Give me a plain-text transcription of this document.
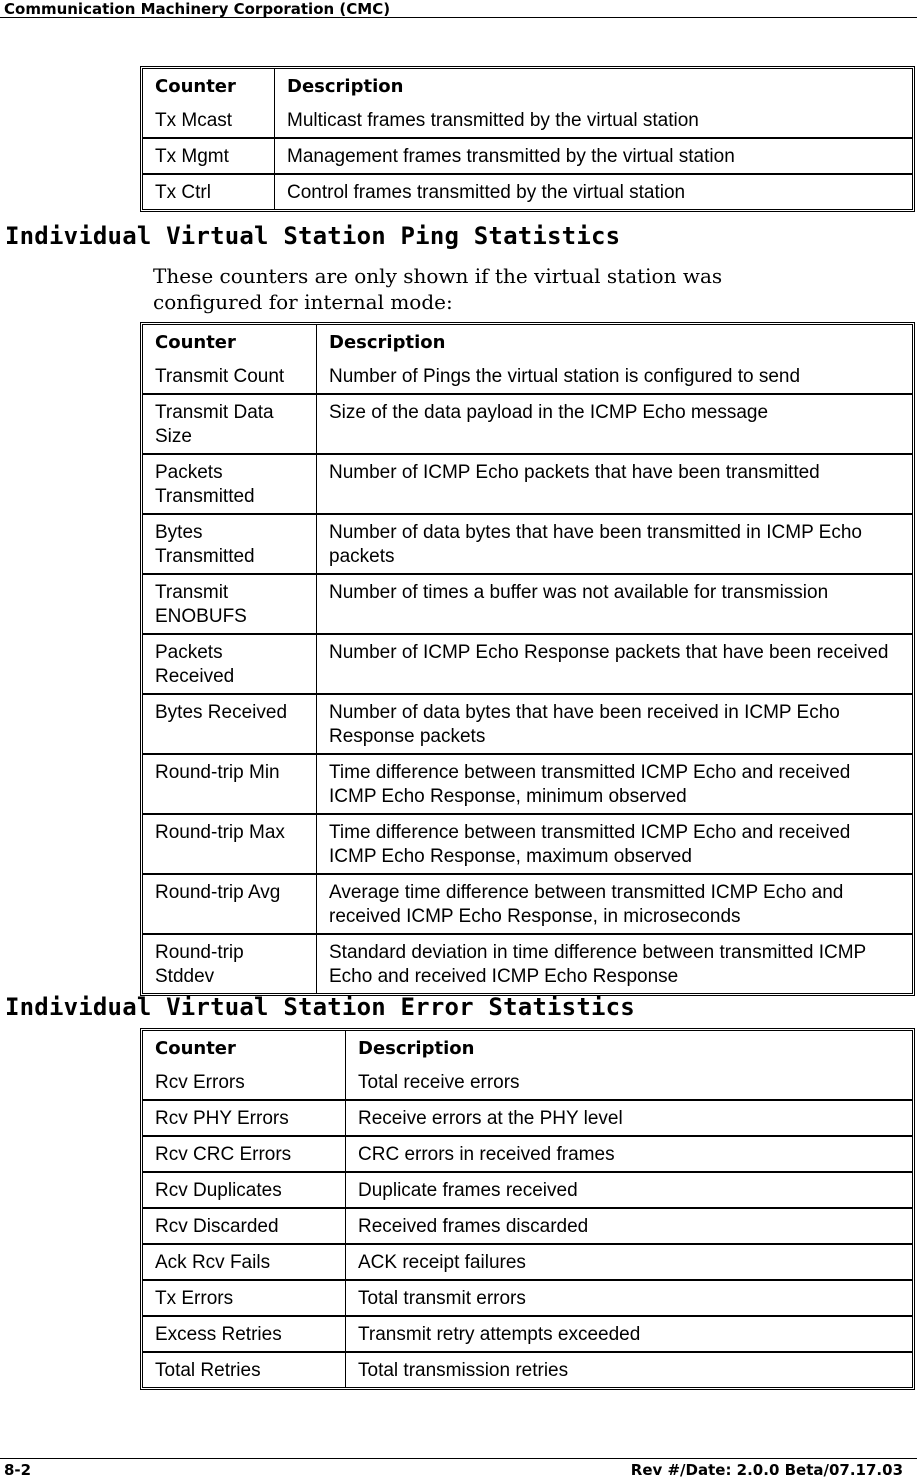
Communication Machinery Corporation (CMC)
Counter	Description
Tx Mcast	Multicast frames transmitted by the virtual station
Tx Mgmt	Management frames transmitted by the virtual station
Tx Ctrl	Control frames transmitted by the virtual station
Individual Virtual Station Ping Statistics

These counters are only shown if the virtual station was configured for internal mode:

Counter	Description
Transmit Count	Number of Pings the virtual station is configured to send
Transmit Data Size	Size of the data payload in the ICMP Echo message
Packets Transmitted	Number of ICMP Echo packets that have been transmitted
Bytes Transmitted	Number of data bytes that have been transmitted in ICMP Echo packets
Transmit ENOBUFS	Number of times a buffer was not available for transmission
Packets Received	Number of ICMP Echo Response packets that have been received
Bytes Received	Number of data bytes that have been received in ICMP Echo Response packets
Round-trip Min	Time difference between transmitted ICMP Echo and received ICMP Echo Response, minimum observed
Round-trip Max	Time difference between transmitted ICMP Echo and received ICMP Echo Response, maximum observed
Round-trip Avg	Average time difference between transmitted ICMP Echo and received ICMP Echo Response, in microseconds
Round-trip Stddev	Standard deviation in time difference between transmitted ICMP Echo and received ICMP Echo Response
Individual Virtual Station Error Statistics
Counter	Description
Rcv Errors	Total receive errors
Rcv PHY Errors	Receive errors at the PHY level
Rcv CRC Errors	CRC errors in received frames
Rcv Duplicates	Duplicate frames received
Rcv Discarded	Received frames discarded
Ack Rcv Fails	ACK receipt failures
Tx Errors	Total transmit errors
Excess Retries	Transmit retry attempts exceeded
Total Retries	Total transmission retries
8-2	Rev #/Date: 2.0.0 Beta/07.17.03
